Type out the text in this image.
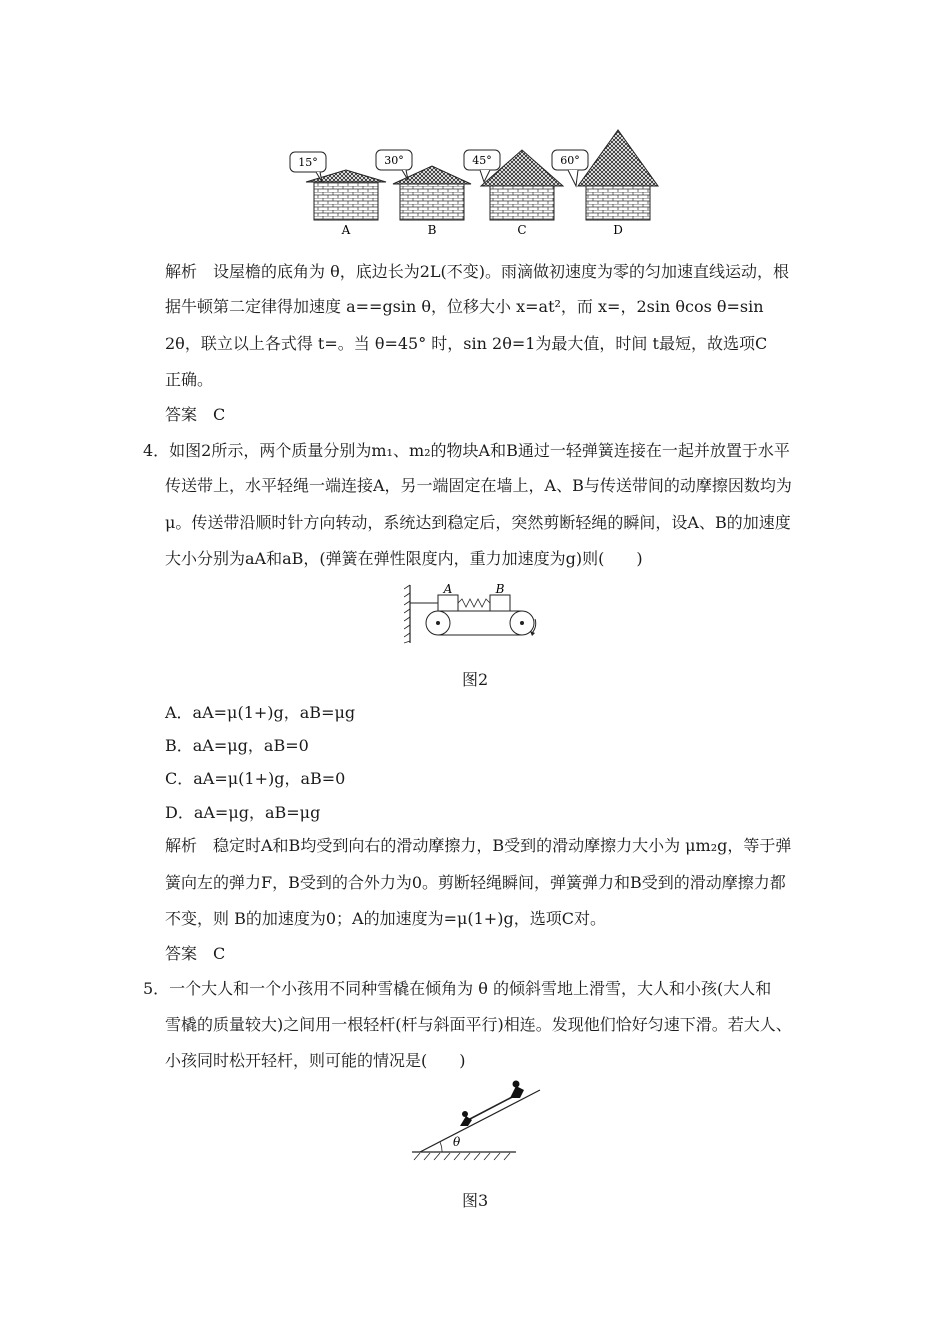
15°	30°	45°	60°
A	B	C	D
解析　设屋檐的底角为 θ，底边长为2L(不变)。雨滴做初速度为零的匀加速直线运动，根
据牛顿第二定律得加速度 a==gsin θ，位移大小 x=at²，而 x=，2sin θcos θ=sin
2θ，联立以上各式得 t=。当 θ=45° 时，sin 2θ=1为最大值，时间 t最短，故选项C
正确。
答案　C
4．如图2所示，两个质量分别为m₁、m₂的物块A和B通过一轻弹簧连接在一起并放置于水平
传送带上，水平轻绳一端连接A，另一端固定在墙上，A、B与传送带间的动摩擦因数均为
μ。传送带沿顺时针方向转动，系统达到稳定后，突然剪断轻绳的瞬间，设A、B的加速度
大小分别为aA和aB，(弹簧在弹性限度内，重力加速度为g)则(　　)
A	B
图2
A．aA=μ(1+)g，aB=μg
B．aA=μg，aB=0
C．aA=μ(1+)g，aB=0
D．aA=μg，aB=μg
解析　稳定时A和B均受到向右的滑动摩擦力，B受到的滑动摩擦力大小为 μm₂g，等于弹
簧向左的弹力F，B受到的合外力为0。剪断轻绳瞬间，弹簧弹力和B受到的滑动摩擦力都
不变，则 B的加速度为0；A的加速度为=μ(1+)g，选项C对。
答案　C
5．一个大人和一个小孩用不同种雪橇在倾角为 θ 的倾斜雪地上滑雪，大人和小孩(大人和
雪橇的质量较大)之间用一根轻杆(杆与斜面平行)相连。发现他们恰好匀速下滑。若大人、
小孩同时松开轻杆，则可能的情况是(　　)
θ
图3
